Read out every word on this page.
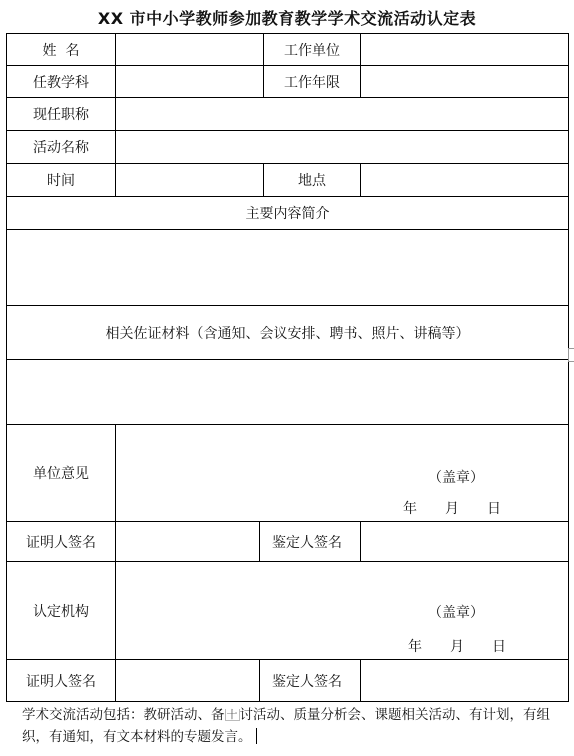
XX 市中小学教师参加教育教学学术交流活动认定表
姓  名			工作单位	
任教学科			工作年限	
现任职称				
活动名称				
时间			地点	
主要内容简介				

相关佐证材料（含通知、会议安排、聘书、照片、讲稿等）				

单位意见	（盖章）
年 月 日			

证明人签名		鉴定人签名		
认定机构	（盖章）
年 月 日			

证明人签名		鉴定人签名		
学术交流活动包括：教研活动、备 十 讨活动、质量分析会、课题相关活动、有计划，有组织，有通知，有文本材料的专题发言。
